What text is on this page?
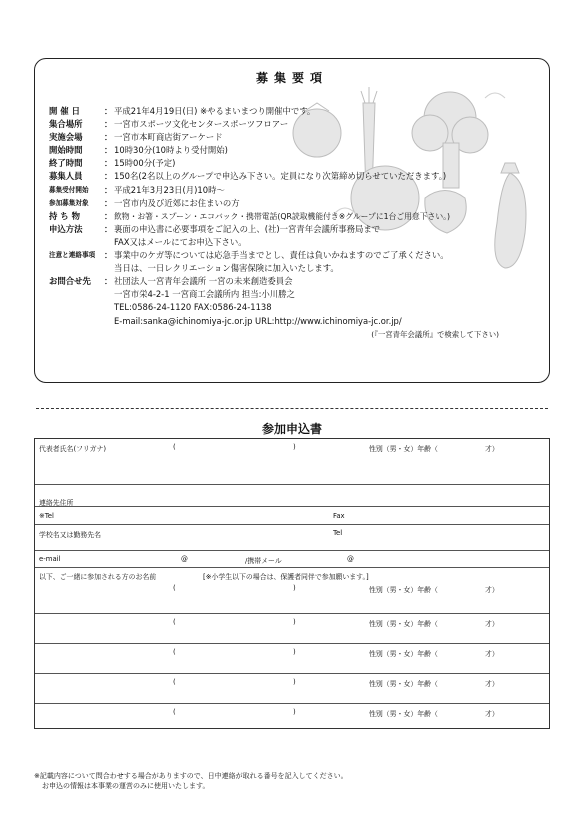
募集要項
開 催 日	： 平成21年4月19日(日) ※やるまいまつり開催中です。
集合場所	： 一宮市スポーツ文化センタースポーツフロアー
実施会場	： 一宮市本町商店街アーケード
開始時間	： 10時30分(10時より受付開始)
終了時間	： 15時00分(予定)
募集人員	： 150名(2名以上のグループで申込み下さい。定員になり次第締め切らせていただきます。)
募集受付開始	： 平成21年3月23日(月)10時～
参加募集対象	： 一宮市内及び近郊にお住まいの方
持 ち 物	： 飲物・お箸・スプーン・エコバック・携帯電話(QR読取機能付き※グループに1台ご用意下さい。)
申込方法	： 裏面の申込書に必要事項をご記入の上、(社)一宮青年会議所事務局まで
FAX又はメールにてお申込下さい。
注意と連絡事項	： 事業中のケガ等については応急手当までとし、責任は負いかねますのでご了承ください。
当日は、一日レクリエーション傷害保険に加入いたします。
お問合せ先	： 社団法人一宮青年会議所 一宮の未来創造委員会
一宮市栄4-2-1 一宮商工会議所内 担当:小川勝之
TEL:0586-24-1120 FAX:0586-24-1138
E-mail:sanka@ichinomiya-jc.or.jp URL:http://www.ichinomiya-jc.or.jp/
(『一宮青年会議所』で検索して下さい)
参加申込書
代表者氏名(フリガナ)	(	)	性別（男・女）年齢（	才）
連絡先住所
※Tel	Fax
学校名又は勤務先名	Tel
e-mail	@	/携帯メール	@
以下、ご一緒に参加される方のお名前	[※小学生以下の場合は、保護者同伴で参加願います。]
(	)	性別（男・女）年齢（	才）
(	)	性別（男・女）年齢（	才）
(	)	性別（男・女）年齢（	才）
(	)	性別（男・女）年齢（	才）
(	)	性別（男・女）年齢（	才）
※記載内容について問合わせする場合がありますので、日中連絡が取れる番号を記入してください。
お申込の情報は本事業の運営のみに使用いたします。
